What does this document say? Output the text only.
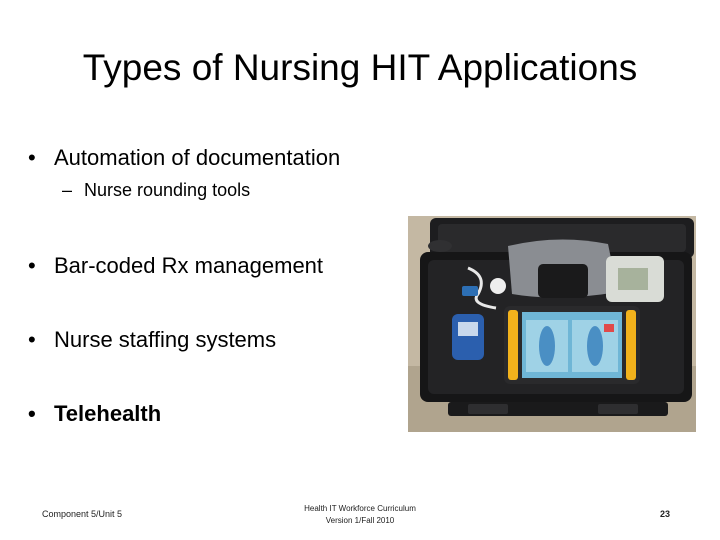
Types of Nursing HIT Applications
• Automation of documentation
– Nurse rounding tools
• Bar-coded Rx management
• Nurse staffing systems
• Telehealth
Component 5/Unit 5
Health IT Workforce Curriculum
Version 1/Fall 2010
23
